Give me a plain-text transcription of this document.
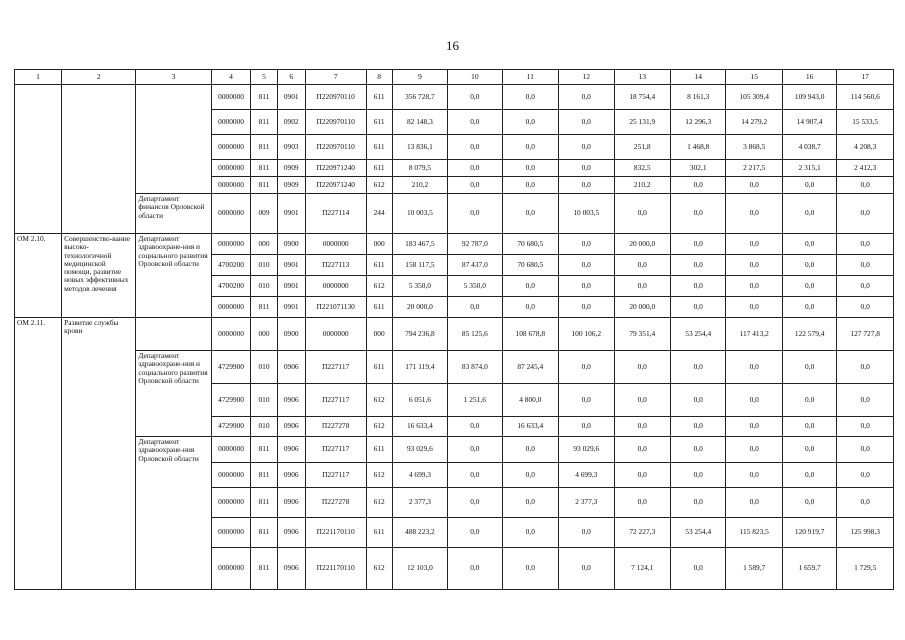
16
1	2	3	4	5	6	7	8	9	10	11	12	13	14	15	16	17
			0000000	811	0901	П220970110	611	356 728,7	0,0	0,0	0,0	18 754,4	8 161,3	105 309,4	109 943,0	114 560,6
			0000000	811	0902	П220970110	611	82 148,3	0,0	0,0	0,0	25 131,9	12 296,3	14 279,2	14 907,4	15 533,5
			0000000	811	0903	П220970110	611	13 836,1	0,0	0,0	0,0	251,8	1 468,8	3 868,5	4 038,7	4 208,3
			0000000	811	0909	П220971240	611	8 079,5	0,0	0,0	0,0	832,5	302,1	2 217,5	2 315,1	2 412,3
			0000000	811	0909	П220971240	612	210,2	0,0	0,0	0,0	210,2	0,0	0,0	0,0	0,0
		Департамент финансов Орловской области	0000000	009	0901	П227114	244	10 003,5	0,0	0,0	10 003,5	0,0	0,0	0,0	0,0	0,0
ОМ 2.10.	Совершенство-вание высоко-технологичной медицинской помощи, развитие новых эффективных методов лечения	Департамент здравоохране-ния и социального развития Орловской области	0000000	000	0900	0000000	000	183 467,5	92 787,0	70 680,5	0,0	20 000,0	0,0	0,0	0,0	0,0
			4700200	010	0901	П227113	611	158 117,5	87 437,0	70 680,5	0,0	0,0	0,0	0,0	0,0	0,0
			4700200	010	0901	0000000	612	5 350,0	5 350,0	0,0	0,0	0,0	0,0	0,0	0,0	0,0
			0000000	811	0901	П221071130	611	20 000,0	0,0	0,0	0,0	20 000,0	0,0	0,0	0,0	0,0
ОМ 2.11.	Развитие службы крови		0000000	000	0900	0000000	000	794 236,8	85 125,6	108 678,8	100 106,2	79 351,4	53 254,4	117 413,2	122 579,4	127 727,8
		Департамент здравоохране-ния и социального развития Орловской области	4729900	010	0906	П227117	611	171 119,4	83 874,0	87 245,4	0,0	0,0	0,0	0,0	0,0	0,0
			4729900	010	0906	П227117	612	6 051,6	1 251,6	4 800,0	0,0	0,0	0,0	0,0	0,0	0,0
			4729900	010	0906	П227278	612	16 633,4	0,0	16 633,4	0,0	0,0	0,0	0,0	0,0	0,0
		Департамент здравоохране-ния Орловской области	0000000	811	0906	П227117	611	93 029,6	0,0	0,0	93 029,6	0,0	0,0	0,0	0,0	0,0
			0000000	811	0906	П227117	612	4 699,3	0,0	0,0	4 699,3	0,0	0,0	0,0	0,0	0,0
			0000000	811	0906	П227278	612	2 377,3	0,0	0,0	2 377,3	0,0	0,0	0,0	0,0	0,0
			0000000	811	0906	П221170110	611	488 223,2	0,0	0,0	0,0	72 227,3	53 254,4	115 823,5	120 919,7	125 998,3
			0000000	811	0906	П221170110	612	12 103,0	0,0	0,0	0,0	7 124,1	0,0	1 589,7	1 659,7	1 729,5
